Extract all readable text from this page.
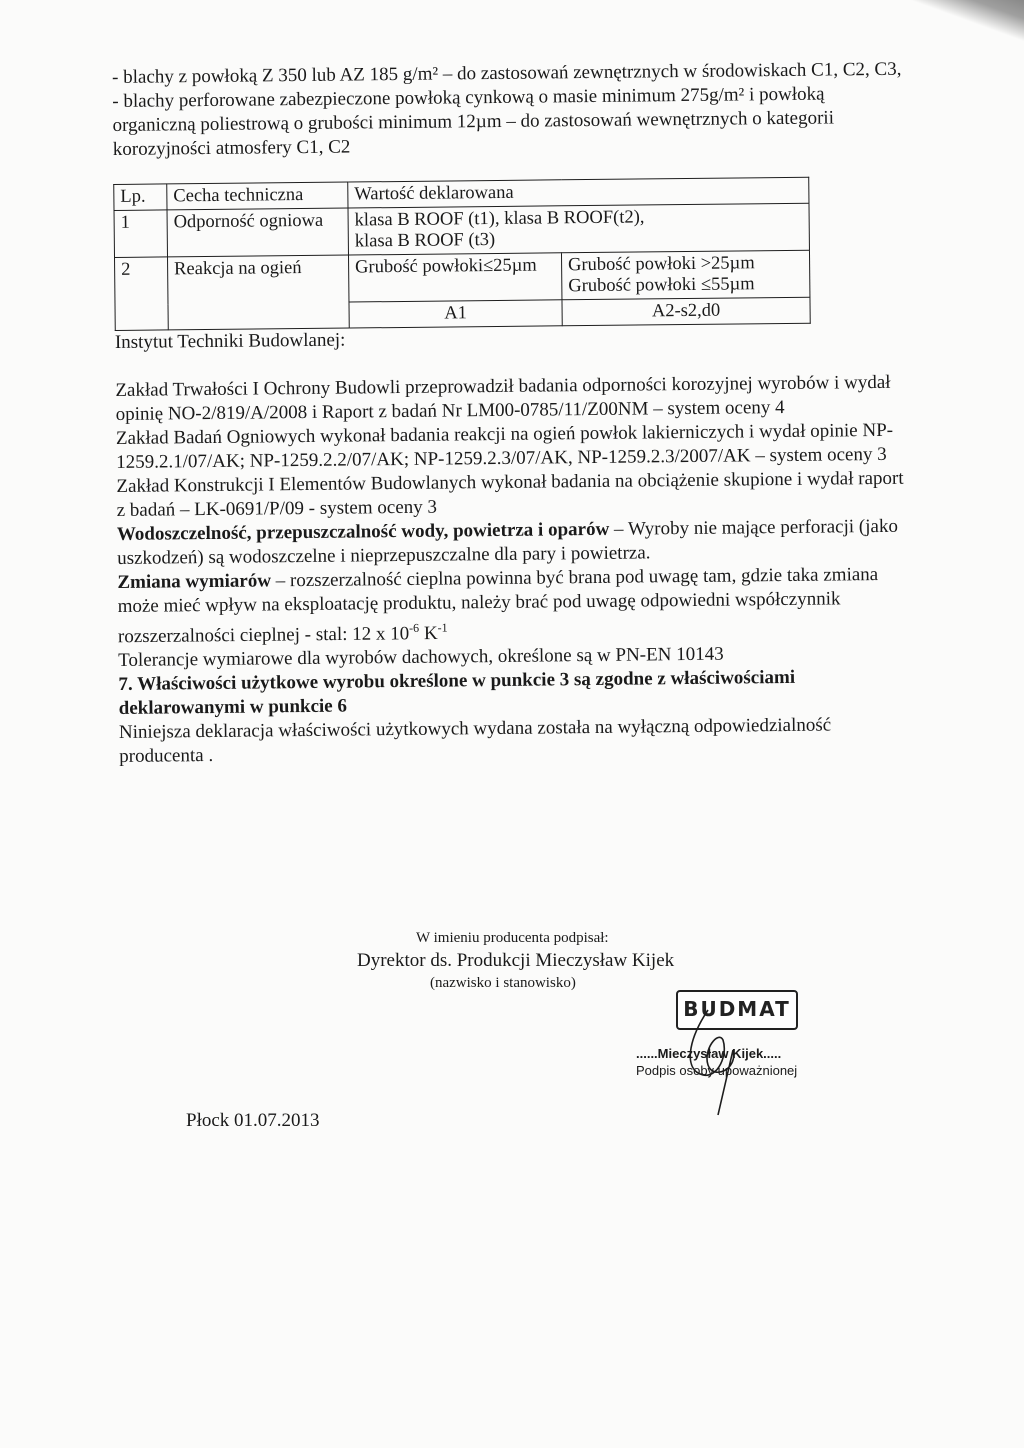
- blachy z powłoką Z 350 lub AZ 185 g/m² – do zastosowań zewnętrznych w środowiskach C1, C2, C3,

- blachy perforowane zabezpieczone powłoką cynkową o masie minimum 275g/m² i powłoką organiczną poliestrową o grubości minimum 12µm – do zastosowań wewnętrznych o kategorii korozyjności atmosfery C1, C2

Lp.	Cecha techniczna	Wartość deklarowana	
1	Odporność ogniowa	klasa B ROOF (t1), klasa B ROOF(t2),
klasa B ROOF (t3)	

2	Reakcja na ogień	Grubość powłoki≤25µm	Grubość powłoki >25µm
Grubość powłoki ≤55µm

		A1	A2-s2,d0

Instytut Techniki Budowlanej:

Zakład Trwałości I Ochrony Budowli przeprowadził badania odporności korozyjnej wyrobów i wydał opinię NO-2/819/A/2008 i Raport z badań Nr LM00-0785/11/Z00NM – system oceny 4

Zakład Badań Ogniowych wykonał badania reakcji na ogień powłok lakierniczych i wydał opinie NP-1259.2.1/07/AK; NP-1259.2.2/07/AK; NP-1259.2.3/07/AK, NP-1259.2.3/2007/AK – system oceny 3

Zakład Konstrukcji I Elementów Budowlanych wykonał badania na obciążenie skupione i wydał raport z badań – LK-0691/P/09 - system oceny 3

Wodoszczelność, przepuszczalność wody, powietrza i oparów – Wyroby nie mające perforacji (jako uszkodzeń) są wodoszczelne i nieprzepuszczalne dla pary i powietrza.

Zmiana wymiarów – rozszerzalność cieplna powinna być brana pod uwagę tam, gdzie taka zmiana może mieć wpływ na eksploatację produktu, należy brać pod uwagę odpowiedni współczynnik rozszerzalności cieplnej - stal: 12 x $10^{-6}$ $K^{-1}$

Tolerancje wymiarowe dla wyrobów dachowych, określone są w PN-EN 10143

7. Właściwości użytkowe wyrobu określone w punkcie 3 są zgodne z właściwościami deklarowanymi w punkcie 6

Niniejsza deklaracja właściwości użytkowych wydana została na wyłączną odpowiedzialność producenta .

W imieniu producenta podpisał:
Dyrektor ds. Produkcji Mieczysław Kijek
(nazwisko i stanowisko)
BUDMAT
......Mieczysław Kijek.....
Podpis osoby upoważnionej
Płock 01.07.2013
